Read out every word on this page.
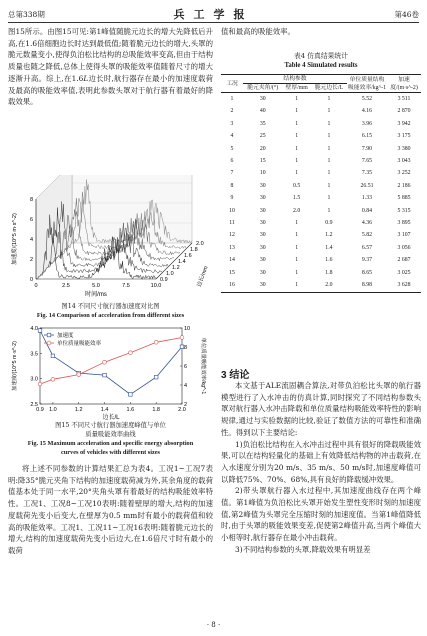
总第338期	兵工学报	第46卷

图15所示。由图15可见:第1峰值随脆元边长的增大先降低后升高,在1.6倍细胞边长时达到最低值;随着脆元边长的增大,头罩的脆元数量变小,使得负泊松比结构的总吸能效率变高,但由于结构质量也随之降低,总体上使得头罩的吸能效率值随着尺寸的增大逐渐升高。综上,在1.6L边长时,航行器存在最小的加速度载荷及最高的吸能效率值,表明此参数头罩对于航行器有着最好的降载效果。

0	2.5	5.0	7.5	10.0
0
2
4
6
8
0.9
1.0
1.2
1.4
1.6
1.8
2.0
时间/ms
加速度/(10^5 m·s^-2)
边长/mm
图14 不同尺寸航行器加速度对比图
Fig. 14 Comparison of acceleration from different sizes
0.9 1.0	1.2	1.4	1.6	1.8	2.0
2.5
3.0
3.5
4.0
2
4
6
8
10
加速度
单位质量吸能效率
边长/L
加速度/(10^5 m·s^-2)	单位质量吸能效率/kg^-1
图15 不同尺寸航行器加速度峰值与单位
质量吸能效率曲线
Fig. 15 Maximum acceleration and specific energy absorption
curves of vehicles with different sizes

将上述不同参数的计算结果汇总为表4。工况1~工况7表明:降35°脆元夹角下结构的加速度载荷减为外,其余角度的载荷值基本处于同一水平,20°夹角头罩有着最好的结构吸能效率特性。工况1、工况8~工况10表明:随着壁厚的增大,结构的加速度载荷先变小后变大,在壁厚为0.5 mm时有最小的载荷值和较高的吸能效率。工况1、工况11~工况16表明:随着脆元边长的增大,结构的加速度载荷先变小后边大,在1.6倍尺寸时有最小的载荷

值和最高的吸能效率。

表4 仿真结果统计
Table 4 Simulated results
工况	结构参数			单位质量结构吸能效率/kg^-1	加速度/(m·s^-2)
	脆元夹角/(°)	壁厚/mm	脆元边长/L		
1	30	1	1	5.52	3 511
2	40	1	1	4.16	2 870
3	35	1	1	3.96	3 942
4	25	1	1	6.15	3 175
5	20	1	1	7.90	3 380
6	15	1	1	7.65	3 043
7	10	1	1	7.35	3 252
8	30	0.5	1	26.51	2 186
9	30	1.5	1	1.33	5 885
10	30	2.0	1	0.84	5 315
11	30	1	0.9	4.36	3 895
12	30	1	1.2	5.82	3 107
13	30	1	1.4	6.57	3 056
14	30	1	1.6	9.37	2 687
15	30	1	1.8	8.65	3 025
16	30	1	2.0	8.98	3 628
3 结论

本文基于ALE流固耦合算法,对带负泊松比头罩的航行器模型进行了入水冲击的仿真计算,同时探究了不同结构参数头罩对航行器入水冲击降载和单位质量结构吸能效率特性的影响规律,通过与实验数据的比较,验证了数值方法的可靠性和准确性。得到以下主要结论:

1)负泊松比结构在入水冲击过程中具有很好的降载吸能效果,可以在结构轻量化的基础上有效降低结构物的冲击载荷,在入水速度分别为20 m/s、35 m/s、50 m/s时,加速度峰值可以降低75%、70%、68%,具有良好的降载缓冲效果。

2)带头罩航行器入水过程中,其加速度曲线存在两个峰值。第1峰值为负泊松比头罩开始发生塑性变形时刻的加速度值,第2峰值为头罩完全压缩时刻的加速度值。当第1峰值降低时,由于头罩的吸能效果变差,促使第2峰值升高,当两个峰值大小相等时,航行器存在最小冲击载荷。

3)不同结构参数的头罩,降载效果有明显差

· 8 ·
